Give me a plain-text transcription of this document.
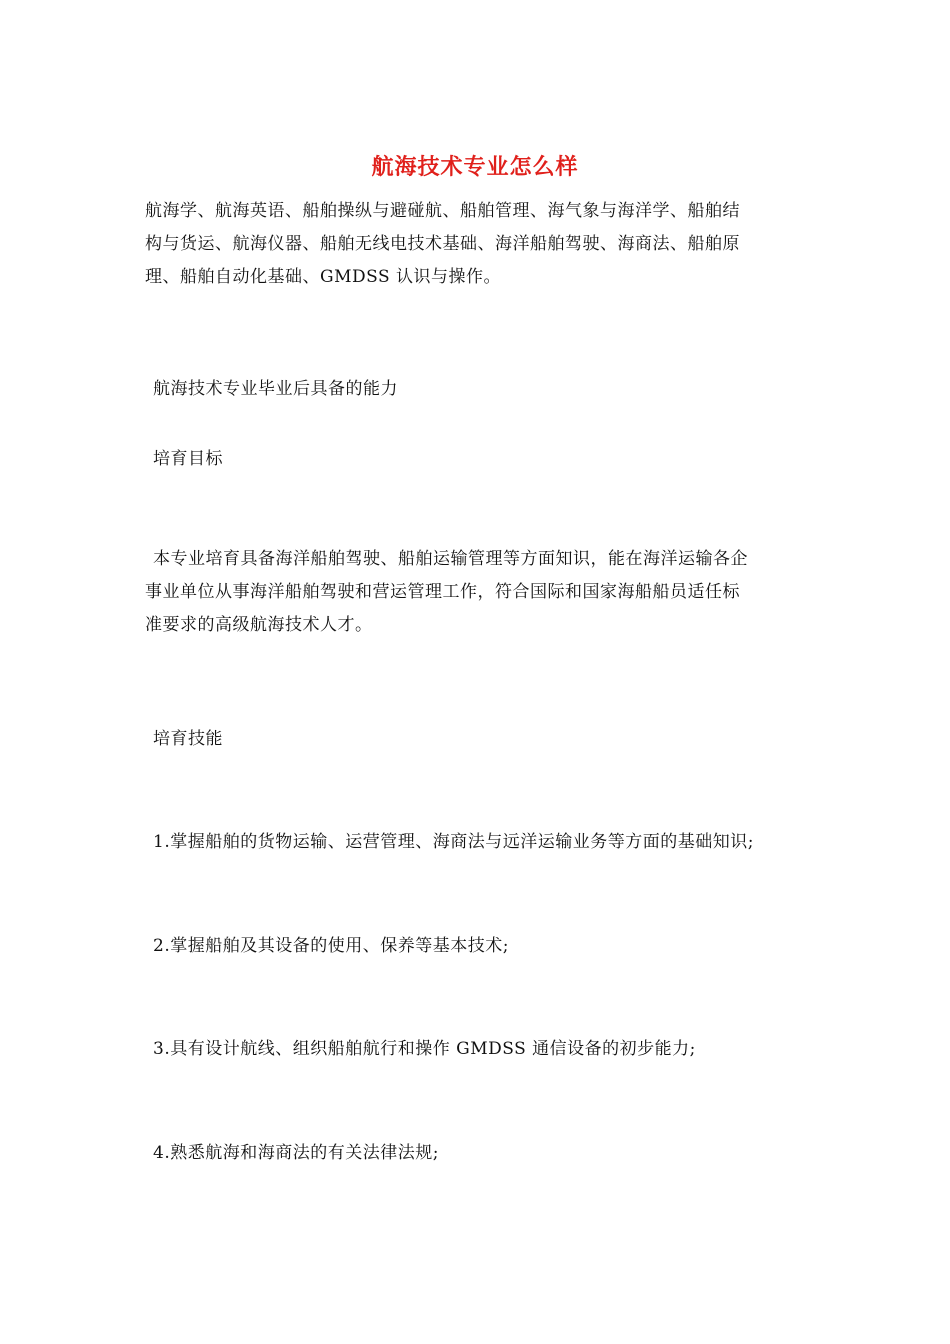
航海技术专业怎么样
航海学、航海英语、船舶操纵与避碰航、船舶管理、海气象与海洋学、船舶结
构与货运、航海仪器、船舶无线电技术基础、海洋船舶驾驶、海商法、船舶原
理、船舶自动化基础、GMDSS 认识与操作。
航海技术专业毕业后具备的能力
培育目标
本专业培育具备海洋船舶驾驶、船舶运输管理等方面知识，能在海洋运输各企
事业单位从事海洋船舶驾驶和营运管理工作，符合国际和国家海船船员适任标
准要求的高级航海技术人才。
培育技能
1.掌握船舶的货物运输、运营管理、海商法与远洋运输业务等方面的基础知识;
2.掌握船舶及其设备的使用、保养等基本技术;
3.具有设计航线、组织船舶航行和操作 GMDSS 通信设备的初步能力;
4.熟悉航海和海商法的有关法律法规;
